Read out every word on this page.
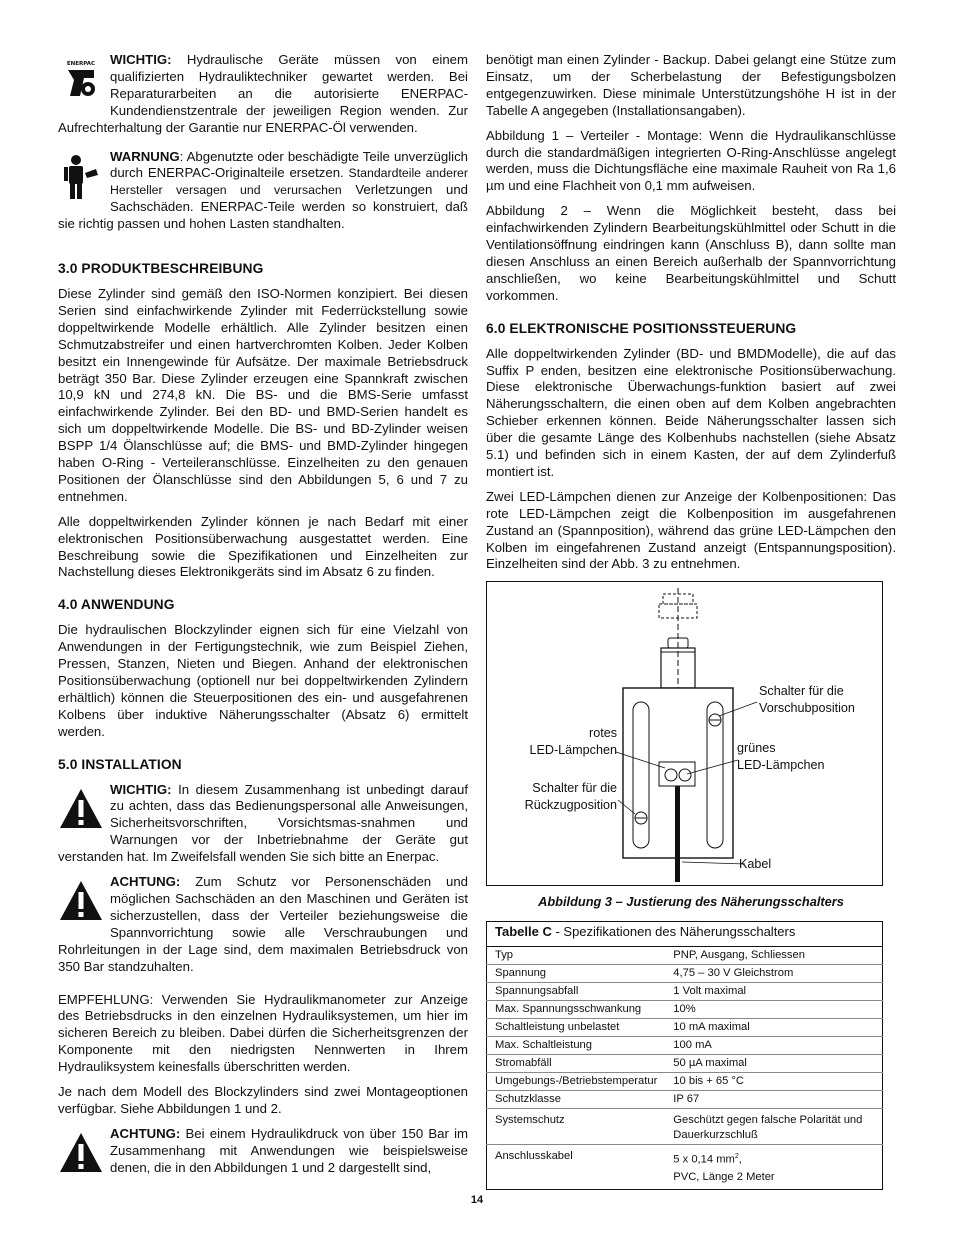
ENERPAC WICHTIG: Hydraulische Geräte müssen von einem qualifizierten Hydrauliktechniker gewartet werden. Bei Reparaturarbeiten an die autorisierte ENERPAC-Kundendienstzentrale der jeweiligen Region wenden. Zur Aufrechterhaltung der Garantie nur ENERPAC-Öl verwenden.
WARNUNG: Abgenutzte oder beschädigte Teile unverzüglich durch ENERPAC-Originalteile ersetzen. Standardteile anderer Hersteller versagen und verursachen Verletzungen und Sachschäden. ENERPAC-Teile werden so konstruiert, daß sie richtig passen und hohen Lasten standhalten.
3.0 PRODUKTBESCHREIBUNG

Diese Zylinder sind gemäß den ISO-Normen konzipiert. Bei diesen Serien sind einfachwirkende Zylinder mit Federrückstellung sowie doppeltwirkende Modelle erhältlich. Alle Zylinder besitzen einen Schmutzabstreifer und einen hartverchromten Kolben. Jeder Kolben besitzt ein Innengewinde für Aufsätze. Der maximale Betriebsdruck beträgt 350 Bar. Diese Zylinder erzeugen eine Spannkraft zwischen 10,9 kN und 274,8 kN. Die BS- und die BMS-Serie umfasst einfachwirkende Zylinder. Bei den BD- und BMD-Serien handelt es sich um doppeltwirkende Modelle. Die BS- und BD-Zylinder weisen BSPP 1/4 Ölanschlüsse auf; die BMS- und BMD-Zylinder hingegen haben O-Ring - Verteileranschlüsse. Einzelheiten zu den genauen Positionen der Ölanschlüsse sind den Abbildungen 5, 6 und 7 zu entnehmen.

Alle doppeltwirkenden Zylinder können je nach Bedarf mit einer elektronischen Positionsüberwachung ausgestattet werden. Eine Beschreibung sowie die Spezifikationen und Einzelheiten zur Nachstellung dieses Elektronikgeräts sind im Absatz 6 zu finden.

4.0 ANWENDUNG

Die hydraulischen Blockzylinder eignen sich für eine Vielzahl von Anwendungen in der Fertigungstechnik, wie zum Beispiel Ziehen, Pressen, Stanzen, Nieten und Biegen. Anhand der elektronischen Positionsüberwachung (optionell nur bei doppeltwirkenden Zylindern erhältlich) können die Steuerpositionen des ein- und ausgefahrenen Kolbens über induktive Näherungsschalter (Absatz 6) ermittelt werden.

5.0 INSTALLATION
WICHTIG: In diesem Zusammenhang ist unbedingt darauf zu achten, dass das Bedienungspersonal alle Anweisungen, Sicherheitsvorschriften, Vorsichtsmas-snahmen und Warnungen vor der Inbetriebnahme der Geräte gut verstanden hat. Im Zweifelsfall wenden Sie sich bitte an Enerpac.
ACHTUNG: Zum Schutz vor Personenschäden und möglichen Sachschäden an den Maschinen und Geräten ist sicherzustellen, dass der Verteiler beziehungsweise die Spannvorrichtung sowie alle Verschraubungen und Rohrleitungen in der Lage sind, dem maximalen Betriebsdruck von 350 Bar standzuhalten.

EMPFEHLUNG: Verwenden Sie Hydraulikmanometer zur Anzeige des Betriebsdrucks in den einzelnen Hydrauliksystemen, um hier im sicheren Bereich zu bleiben. Dabei dürfen die Sicherheitsgrenzen der Komponente mit den niedrigsten Nennwerten in Ihrem Hydrauliksystem keinesfalls überschritten werden.

Je nach dem Modell des Blockzylinders sind zwei Montageoptionen verfügbar. Siehe Abbildungen 1 und 2.

ACHTUNG: Bei einem Hydraulikdruck von über 150 Bar im Zusammenhang mit Anwendungen wie beispielsweise denen, die in den Abbildungen 1 und 2 dargestellt sind,

benötigt man einen Zylinder - Backup. Dabei gelangt eine Stütze zum Einsatz, um der Scherbelastung der Befestigungsbolzen entgegenzuwirken. Diese minimale Unterstützungshöhe H ist in der Tabelle A angegeben (Installationsangaben).

Abbildung 1 – Verteiler - Montage: Wenn die Hydraulikanschlüsse durch die standardmäßigen integrierten O-Ring-Anschlüsse angelegt werden, muss die Dichtungsfläche eine maximale Rauheit von Ra 1,6 µm und eine Flachheit von 0,1 mm aufweisen.

Abbildung 2 – Wenn die Möglichkeit besteht, dass bei einfachwirkenden Zylindern Bearbeitungskühlmittel oder Schutt in die Ventilationsöffnung eindringen kann (Anschluss B), dann sollte man diesen Anschluss an einen Bereich außerhalb der Spannvorrichtung anschließen, wo keine Bearbeitungskühlmittel und Schutt vorkommen.

6.0 ELEKTRONISCHE POSITIONSSTEUERUNG

Alle doppeltwirkenden Zylinder (BD- und BMDModelle), die auf das Suffix P enden, besitzen eine elektronische Positionsüberwachung. Diese elektronische Überwachungs-funktion basiert auf zwei Näherungsschaltern, die einen oben auf dem Kolben angebrachten Schieber erkennen können. Beide Näherungsschalter lassen sich über die gesamte Länge des Kolbenhubs nachstellen (siehe Absatz 5.1) und befinden sich in einem Kasten, der auf dem Zylinderfuß montiert ist.

Zwei LED-Lämpchen dienen zur Anzeige der Kolbenpositionen: Das rote LED-Lämpchen zeigt die Kolbenposition im ausgefahrenen Zustand an (Spannposition), während das grüne LED-Lämpchen den Kolben im eingefahrenen Zustand anzeigt (Entspannungsposition). Einzelheiten sind der Abb. 3 zu entnehmen.

Schalter für die
Vorschubposition
rotes
LED-Lämpchen	grünes
LED-Lämpchen
Schalter für die
Rückzugposition
Kabel
Abbildung 3 – Justierung des Näherungsschalters
Tabelle C - Spezifikationen des Näherungsschalters	
Typ	PNP, Ausgang, Schliessen
Spannung	4,75 – 30 V Gleichstrom
Spannungsabfall	1 Volt maximal
Max. Spannungsschwankung	10%
Schaltleistung unbelastet	10 mA maximal
Max. Schaltleistung	100 mA
Stromabfäll	50 µA maximal
Umgebungs-/Betriebstemperatur	10 bis + 65 °C
Schutzklasse	IP 67
Systemschutz	Geschützt gegen falsche Polarität und
Dauerkurzschluß

Anschlusskabel	5 x 0,14 $mm^2$,
PVC, Länge 2 Meter
14
